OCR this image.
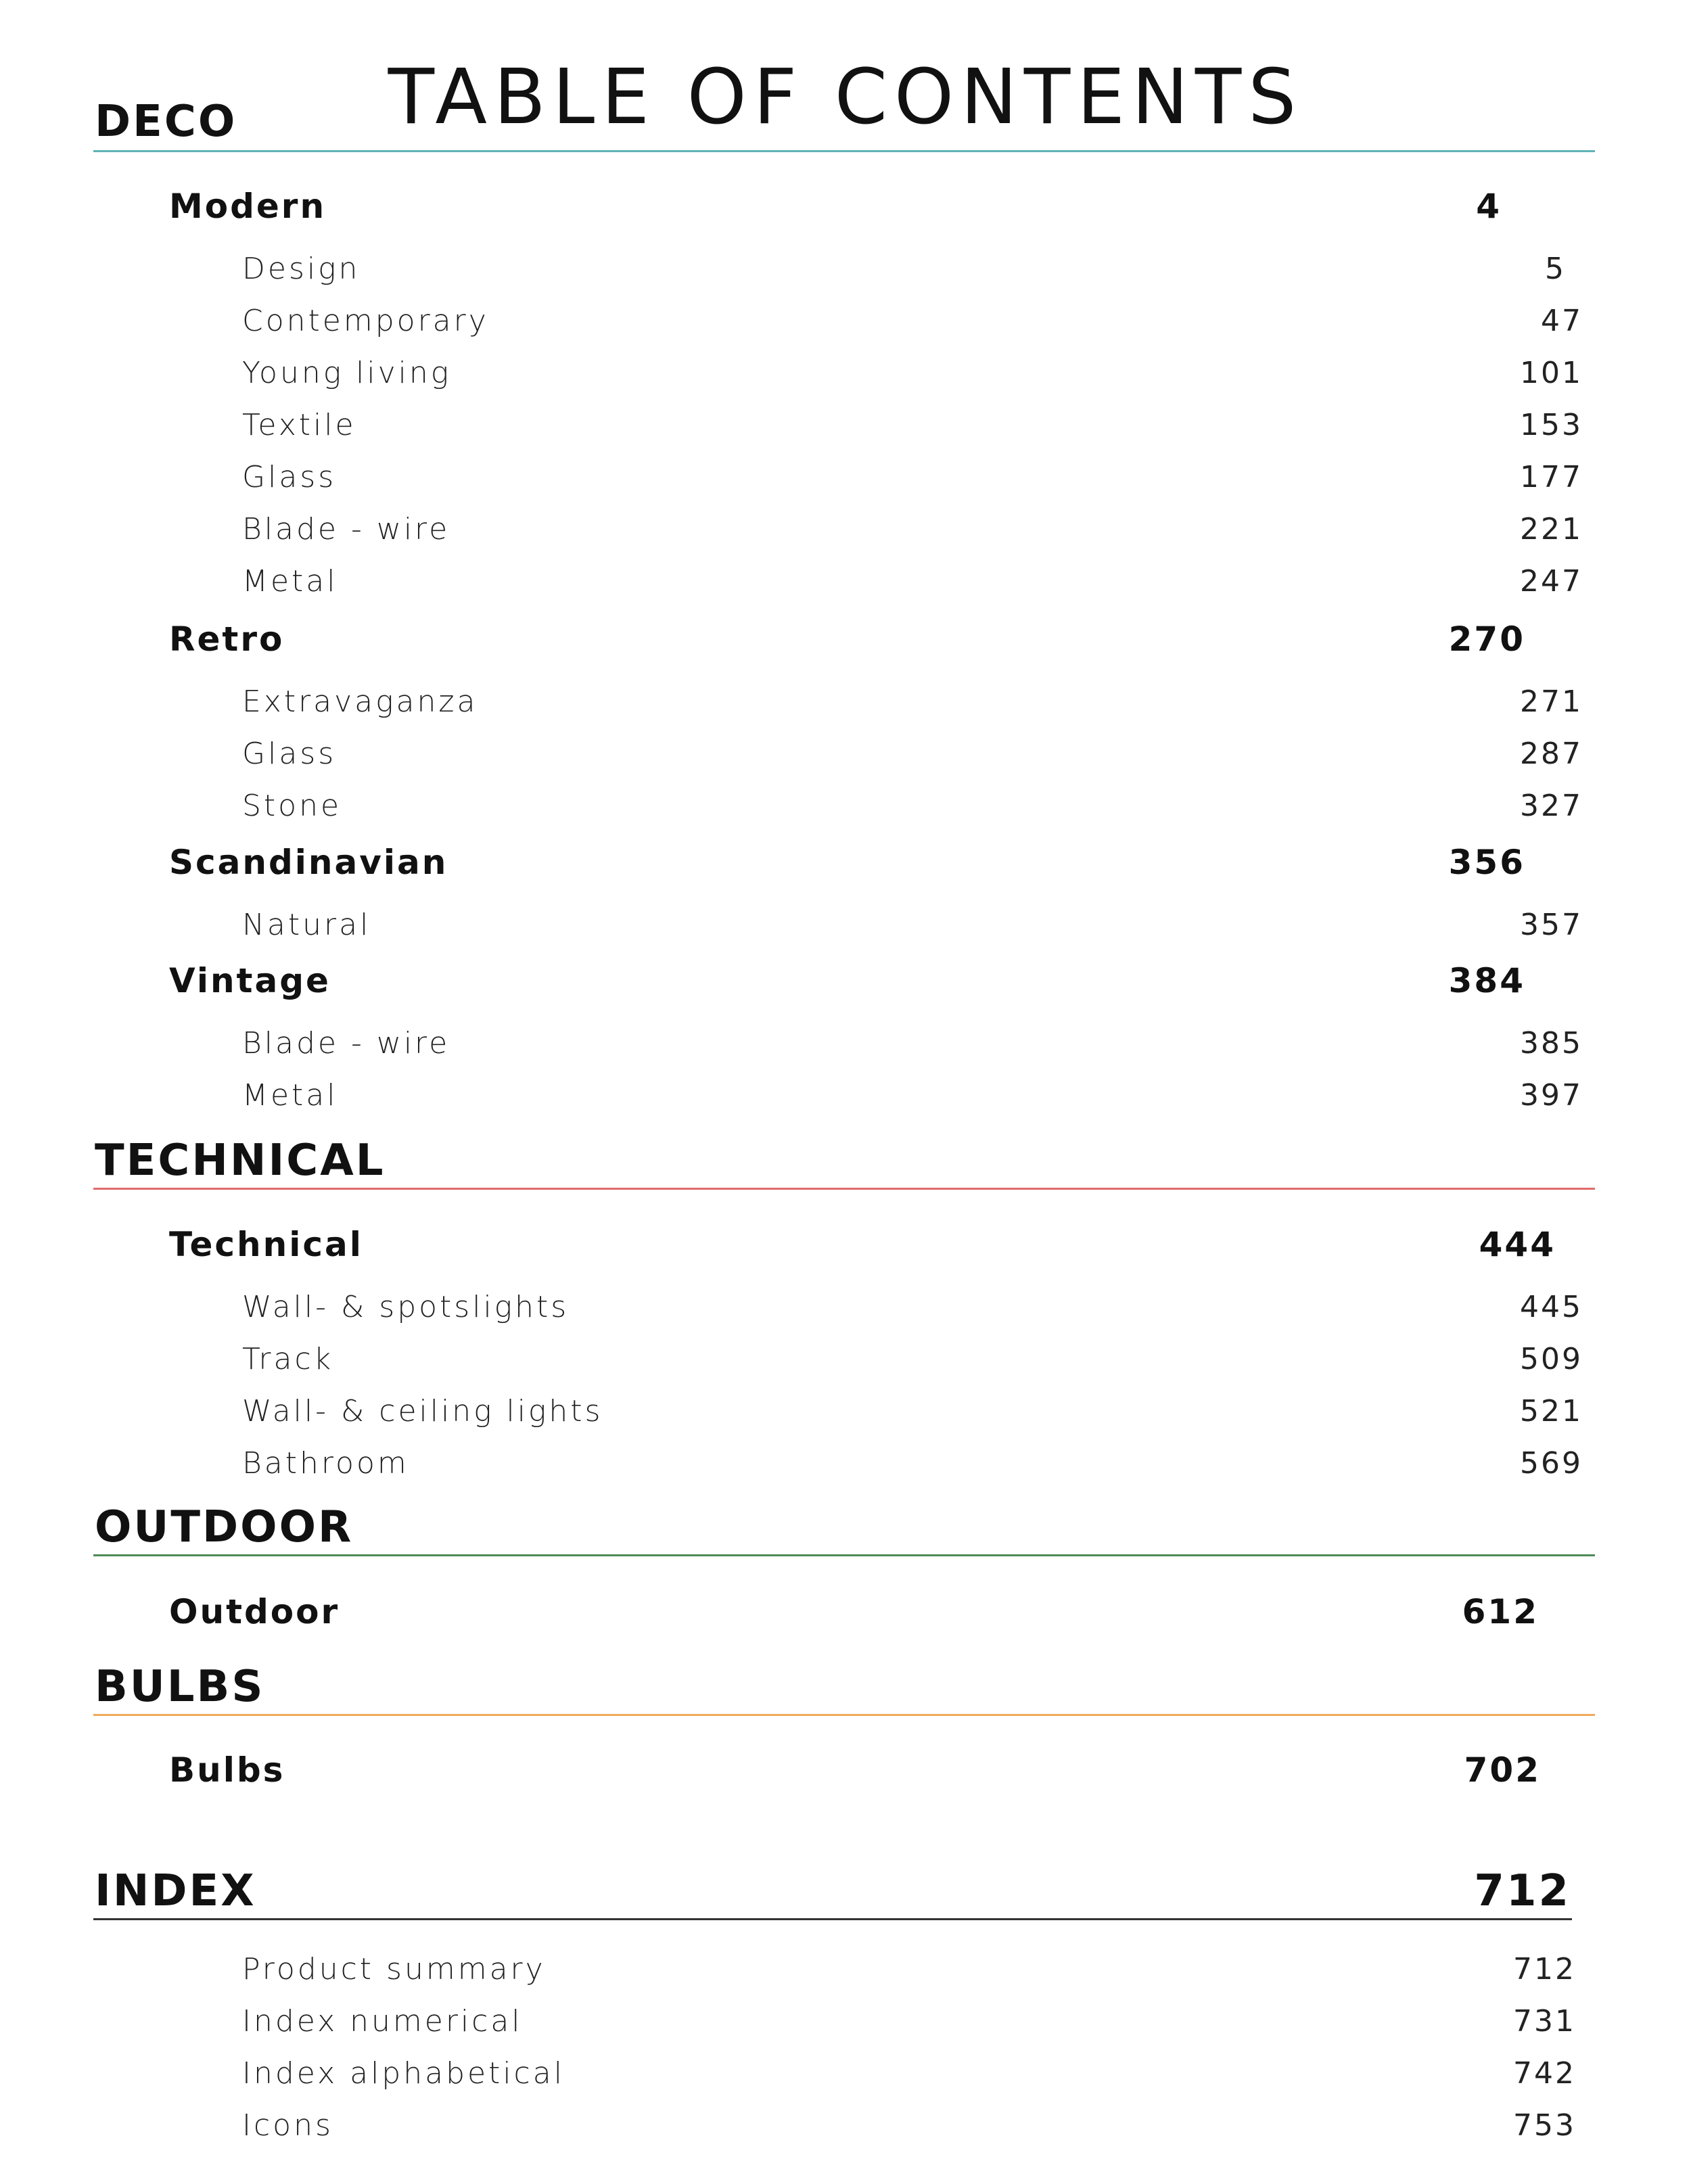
TABLE OF CONTENTS
DECO
Modern	4
Design	5
Contemporary	47
Young living	101
Textile	153
Glass	177
Blade - wire	221
Metal	247
Retro	270
Extravaganza	271
Glass	287
Stone	327
Scandinavian	356
Natural	357
Vintage	384
Blade - wire	385
Metal	397
TECHNICAL
Technical	444
Wall- & spotslights	445
Track	509
Wall- & ceiling lights	521
Bathroom	569
OUTDOOR
Outdoor	612
BULBS
Bulbs	702
INDEX	712
Product summary	712
Index numerical	731
Index alphabetical	742
Icons	753
